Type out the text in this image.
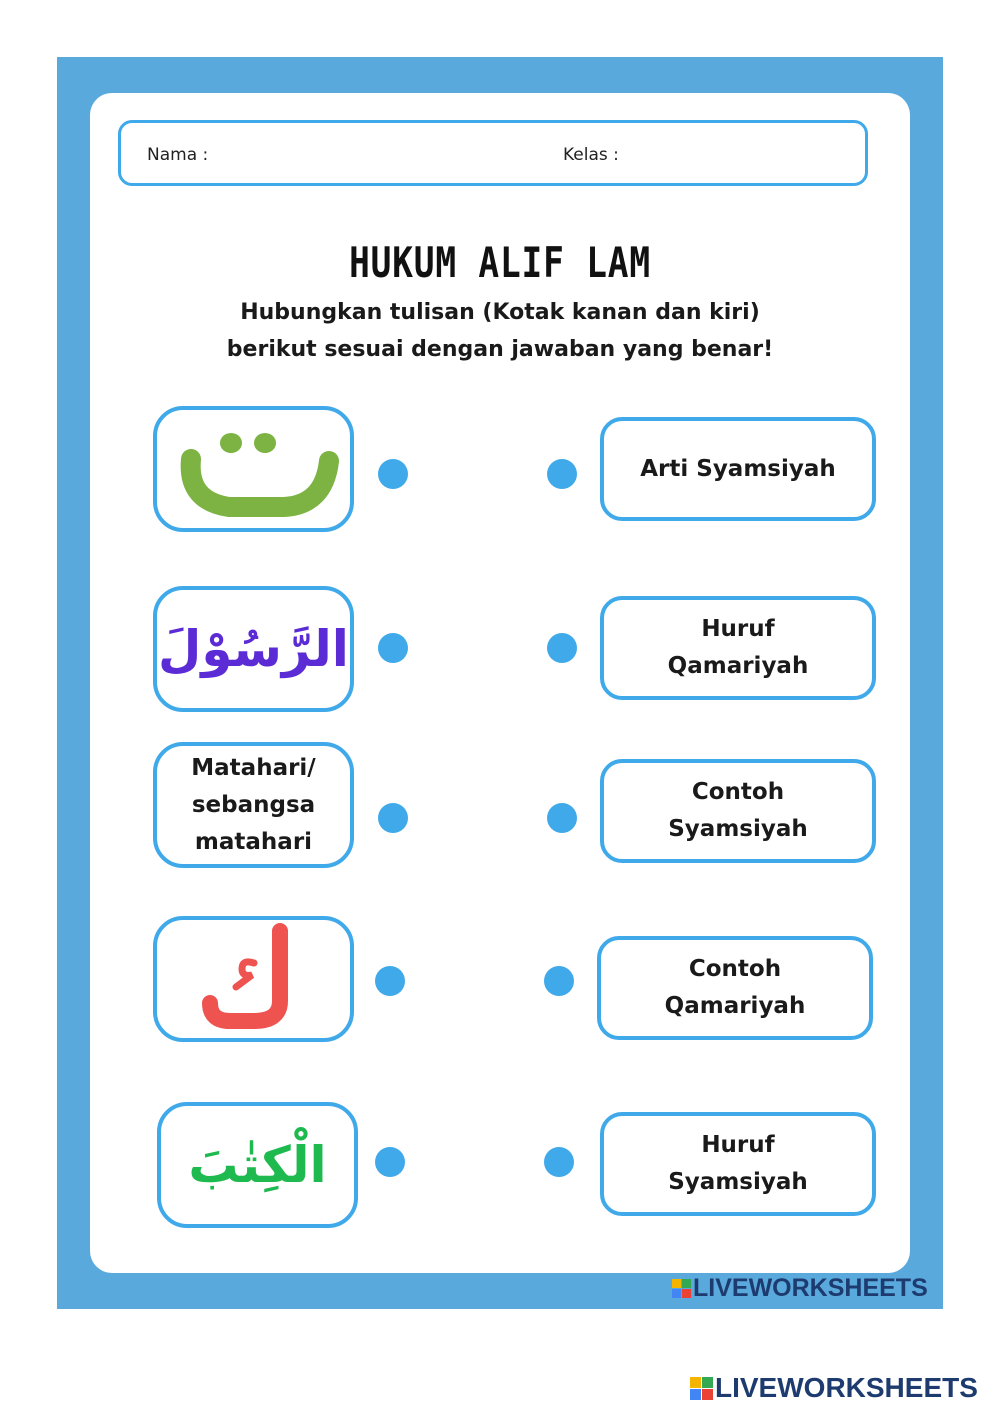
Nama :	Kelas :
HUKUM ALIF LAM
Hubungkan tulisan (Kotak kanan dan kiri)
berikut sesuai dengan jawaban yang benar!
Arti Syamsiyah
الرَّسُوْلَ	Huruf
Qamariyah
Matahari/
sebangsa
matahari
Contoh
Syamsiyah
Contoh
Qamariyah
الْكِتٰبَ	Huruf
Syamsiyah
LIVEWORKSHEETS
LIVEWORKSHEETS
